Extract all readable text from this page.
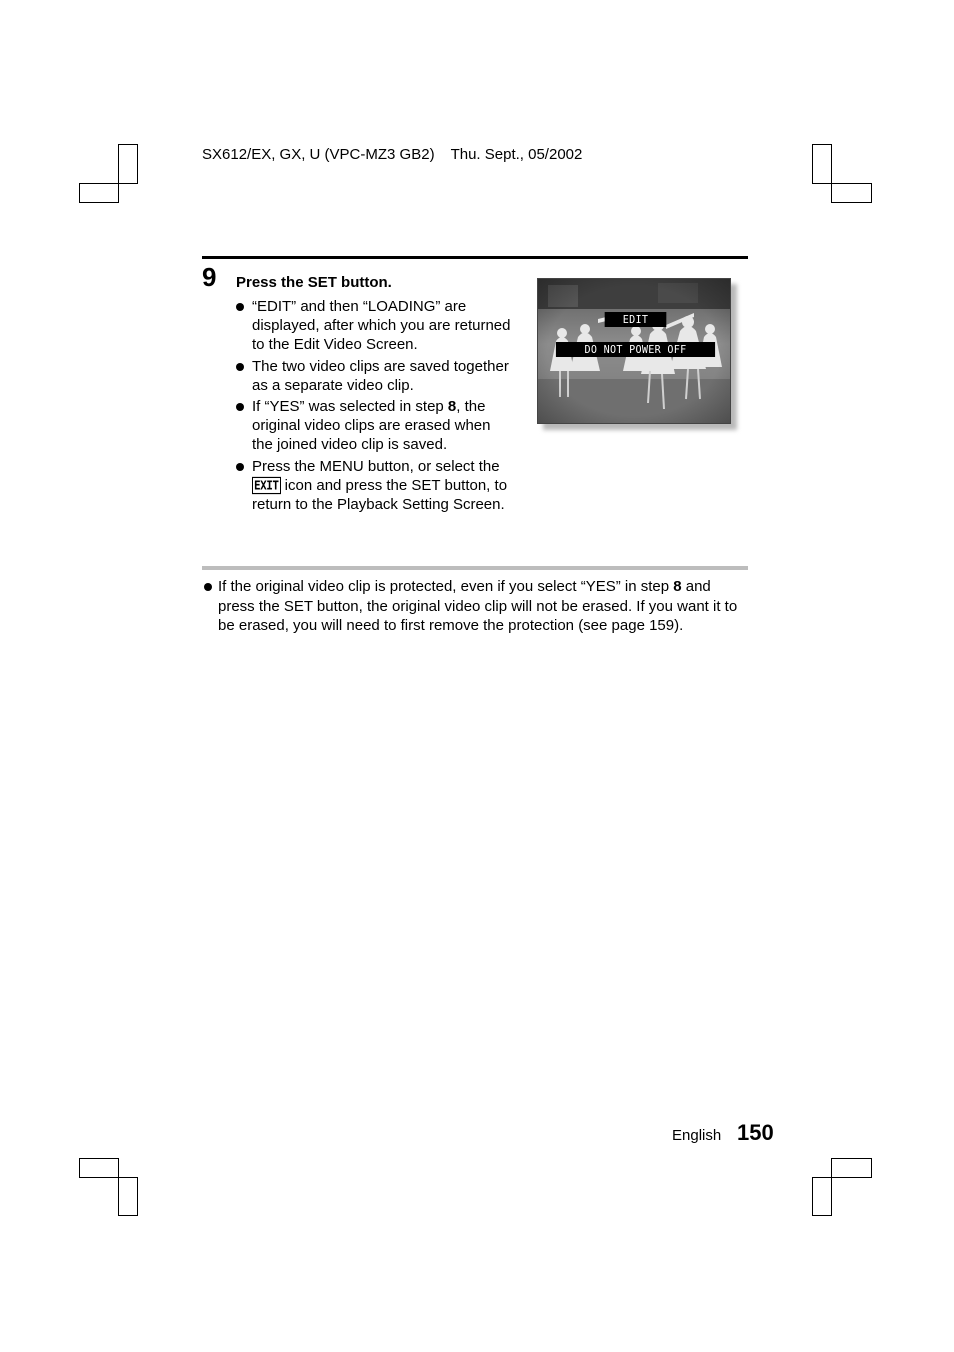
SX612/EX, GX, U (VPC-MZ3 GB2) Thu. Sept., 05/2002
9 Press the SET button.
“EDIT” and then “LOADING” are displayed, after which you are returned to the Edit Video Screen.
The two video clips are saved together as a separate video clip.
If “YES” was selected in step 8, the original video clips are erased when the joined video clip is saved.
Press the MENU button, or select the EXIT icon and press the SET button, to return to the Playback Setting Screen.
EDIT
DO NOT POWER OFF
If the original video clip is protected, even if you select “YES” in step 8 and press the SET button, the original video clip will not be erased. If you want it to be erased, you will need to first remove the protection (see page 159).
English 150
